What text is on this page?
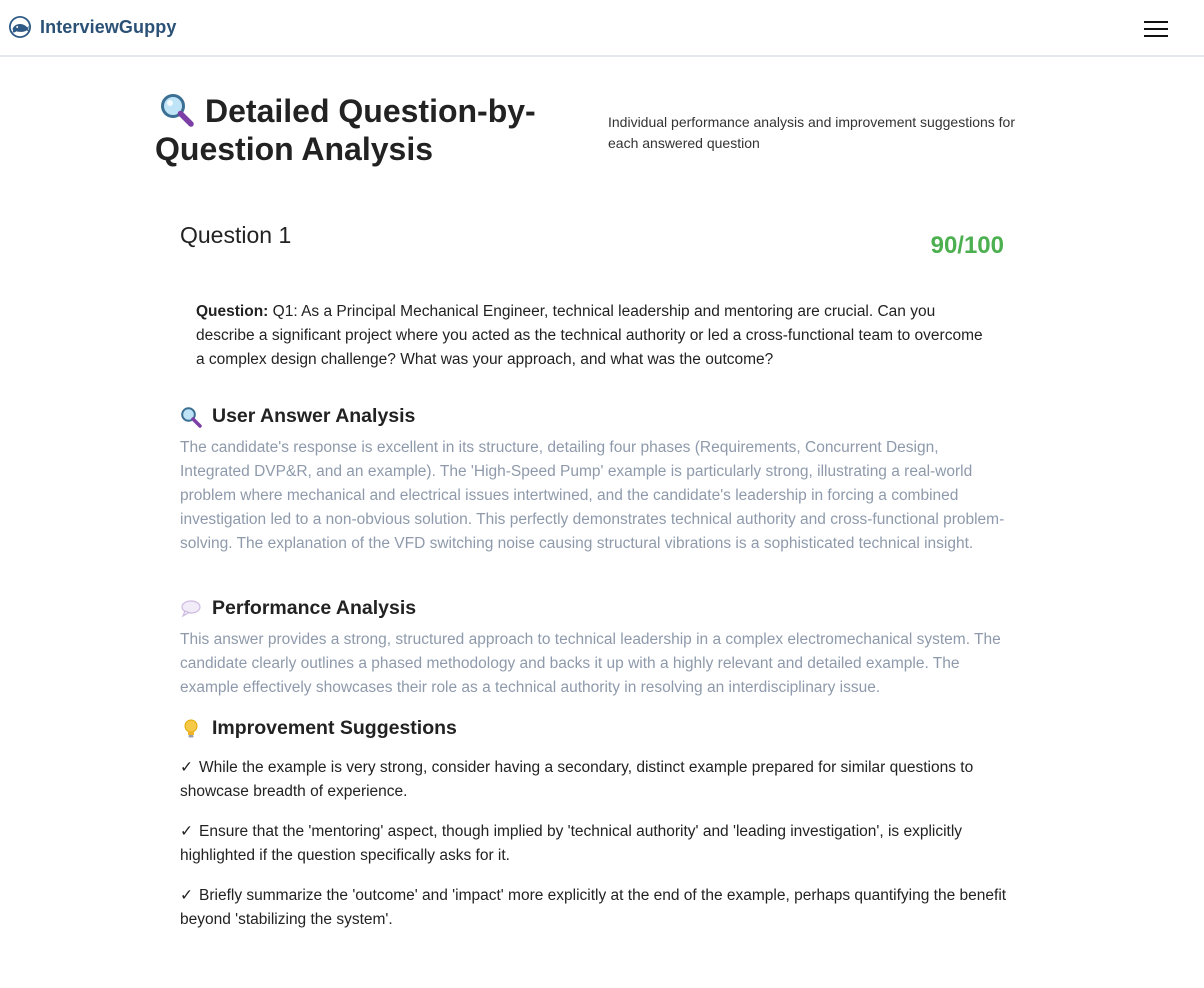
InterviewGuppy
Detailed Question-by-Question Analysis

Individual performance analysis and improvement suggestions for each answered question

Question 1	90/100

Question: Q1: As a Principal Mechanical Engineer, technical leadership and mentoring are crucial. Can you describe a significant project where you acted as the technical authority or led a cross-functional team to overcome a complex design challenge? What was your approach, and what was the outcome?

User Answer Analysis

The candidate's response is excellent in its structure, detailing four phases (Requirements, Concurrent Design, Integrated DVP&R, and an example). The 'High-Speed Pump' example is particularly strong, illustrating a real-world problem where mechanical and electrical issues intertwined, and the candidate's leadership in forcing a combined investigation led to a non-obvious solution. This perfectly demonstrates technical authority and cross-functional problem-solving. The explanation of the VFD switching noise causing structural vibrations is a sophisticated technical insight.

Performance Analysis

This answer provides a strong, structured approach to technical leadership in a complex electromechanical system. The candidate clearly outlines a phased methodology and backs it up with a highly relevant and detailed example. The example effectively showcases their role as a technical authority in resolving an interdisciplinary issue.

Improvement Suggestions

✓ While the example is very strong, consider having a secondary, distinct example prepared for similar questions to showcase breadth of experience.

✓ Ensure that the 'mentoring' aspect, though implied by 'technical authority' and 'leading investigation', is explicitly highlighted if the question specifically asks for it.

✓ Briefly summarize the 'outcome' and 'impact' more explicitly at the end of the example, perhaps quantifying the benefit beyond 'stabilizing the system'.
